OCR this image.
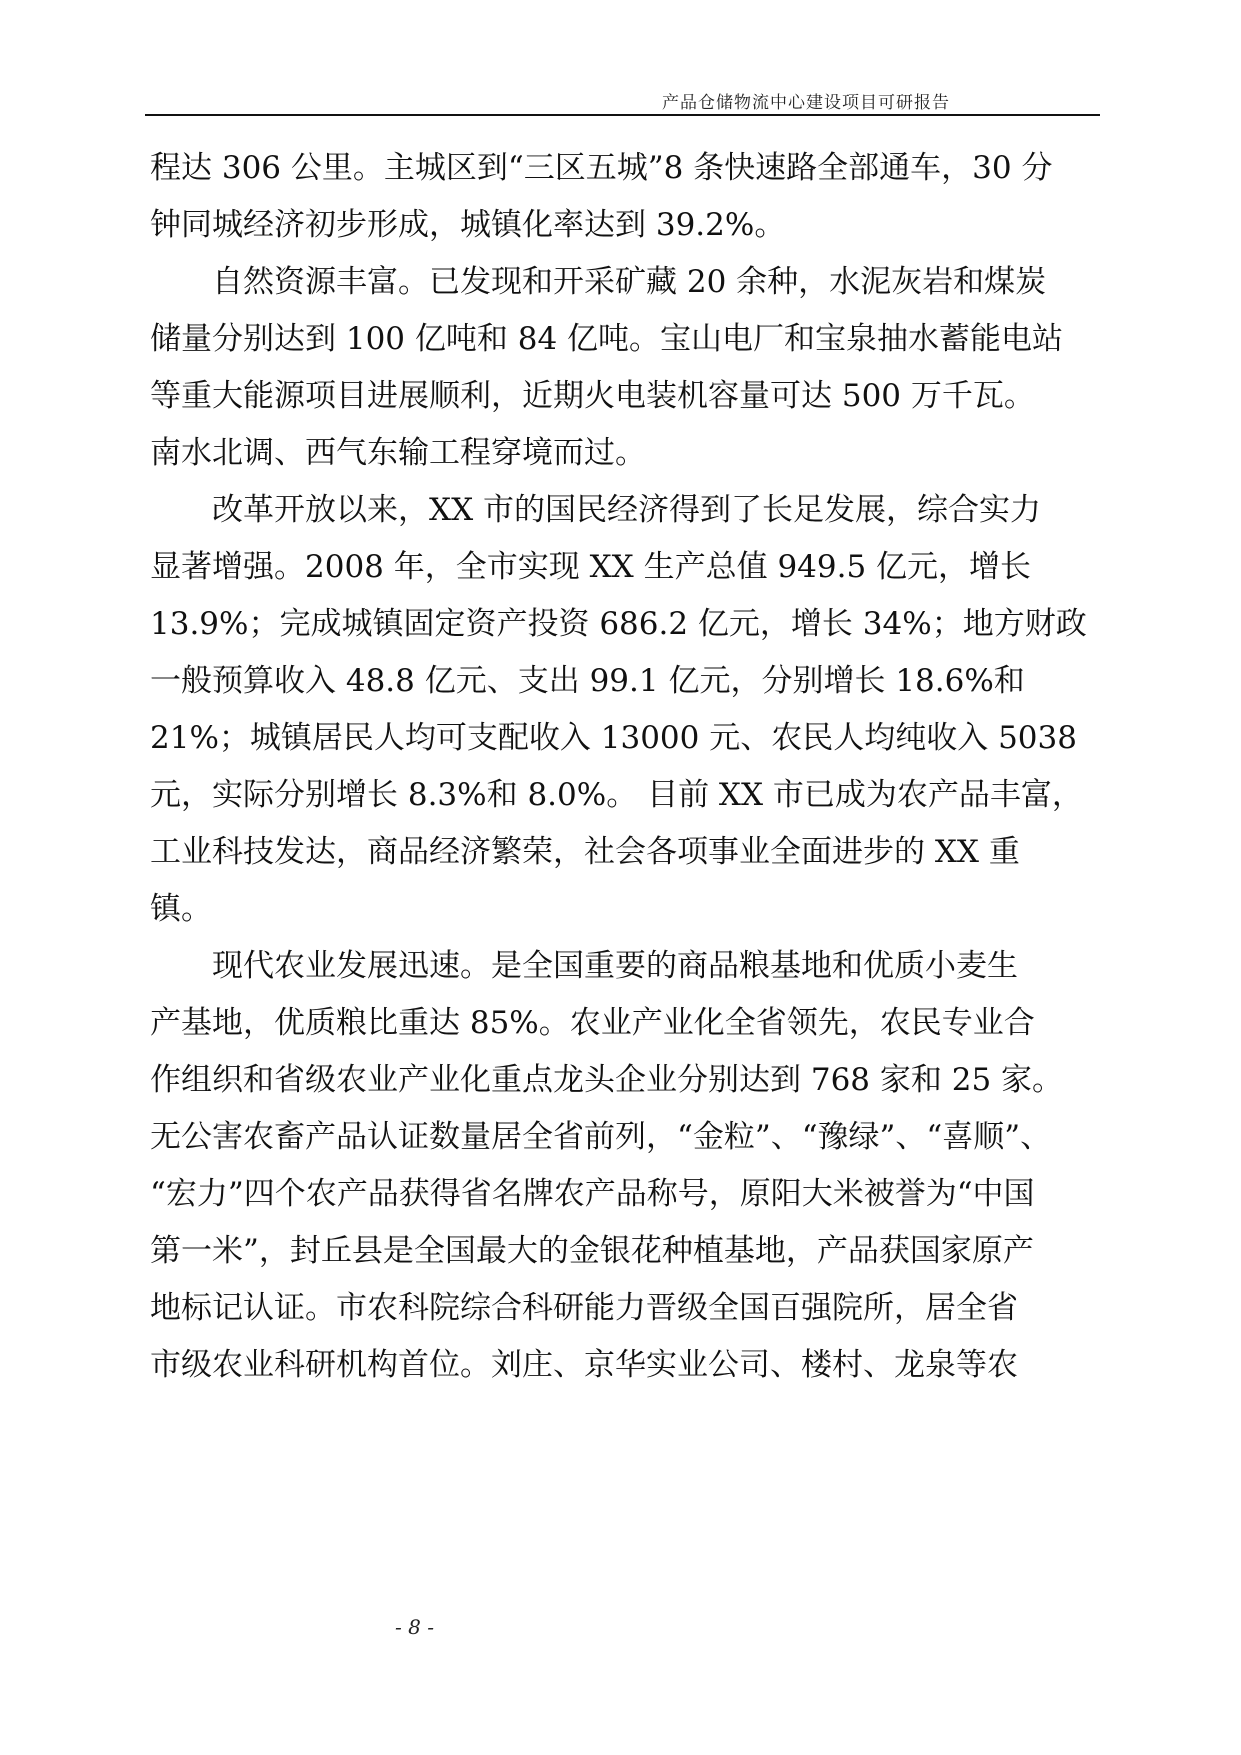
产品仓储物流中心建设项目可研报告
程达 306 公里。主城区到“三区五城”8 条快速路全部通车，30 分
钟同城经济初步形成，城镇化率达到 39.2%。
自然资源丰富。已发现和开采矿藏 20 余种，水泥灰岩和煤炭
储量分别达到 100 亿吨和 84 亿吨。宝山电厂和宝泉抽水蓄能电站
等重大能源项目进展顺利，近期火电装机容量可达 500 万千瓦。
南水北调、西气东输工程穿境而过。
改革开放以来，XX 市的国民经济得到了长足发展，综合实力
显著增强。2008 年，全市实现 XX 生产总值 949.5 亿元，增长
13.9%；完成城镇固定资产投资 686.2 亿元，增长 34%；地方财政
一般预算收入 48.8 亿元、支出 99.1 亿元，分别增长 18.6%和
21%；城镇居民人均可支配收入 13000 元、农民人均纯收入 5038
元，实际分别增长 8.3%和 8.0%。 目前 XX 市已成为农产品丰富，
工业科技发达，商品经济繁荣，社会各项事业全面进步的 XX 重
镇。
现代农业发展迅速。是全国重要的商品粮基地和优质小麦生
产基地，优质粮比重达 85%。农业产业化全省领先，农民专业合
作组织和省级农业产业化重点龙头企业分别达到 768 家和 25 家。
无公害农畜产品认证数量居全省前列，“金粒”、“豫绿”、“喜顺”、
“宏力”四个农产品获得省名牌农产品称号，原阳大米被誉为“中国
第一米”，封丘县是全国最大的金银花种植基地，产品获国家原产
地标记认证。市农科院综合科研能力晋级全国百强院所，居全省
市级农业科研机构首位。刘庄、京华实业公司、楼村、龙泉等农
- 8 -
